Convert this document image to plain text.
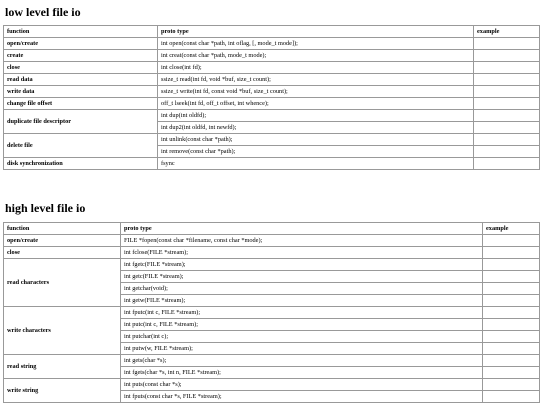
low level file io
function	proto type	example
open/create	int open(const char *path, int oflag, [, mode_t mode]);	
create	int creat(const char *path, mode_t mode);	
close	int close(int fd);	
read data	ssize_t read(int fd, void *buf, size_t count);	
write data	ssize_t write(int fd, const void *buf, size_t count);	
change file offset	off_t lseek(int fd, off_t offset, int whence);	
duplicate file descriptor	int dup(int oldfd);	
	int dup2(int oldfd, int newfd);	
delete file	int unlink(const char *path);	
	int remove(const char *path);	
disk synchronization	fsync	
high level file io
function	proto type	example
open/create	FILE *fopen(const char *filename, const char *mode);	
close	int fclose(FILE *stream);	
read characters	int fgetc(FILE *stream);	
	int getc(FILE *stream);	
	int getchar(void);	
	int getw(FILE *stream);	
write characters	int fputc(int c, FILE *stream);	
	int putc(int c, FILE *stream);	
	int putchar(int c);	
	int putw(w, FILE *stream);	
read string	int gets(char *s);	
	int fgets(char *s, int n, FILE *stream);	
write string	int puts(const char *s);	
	int fputs(const char *s, FILE *stream);	
